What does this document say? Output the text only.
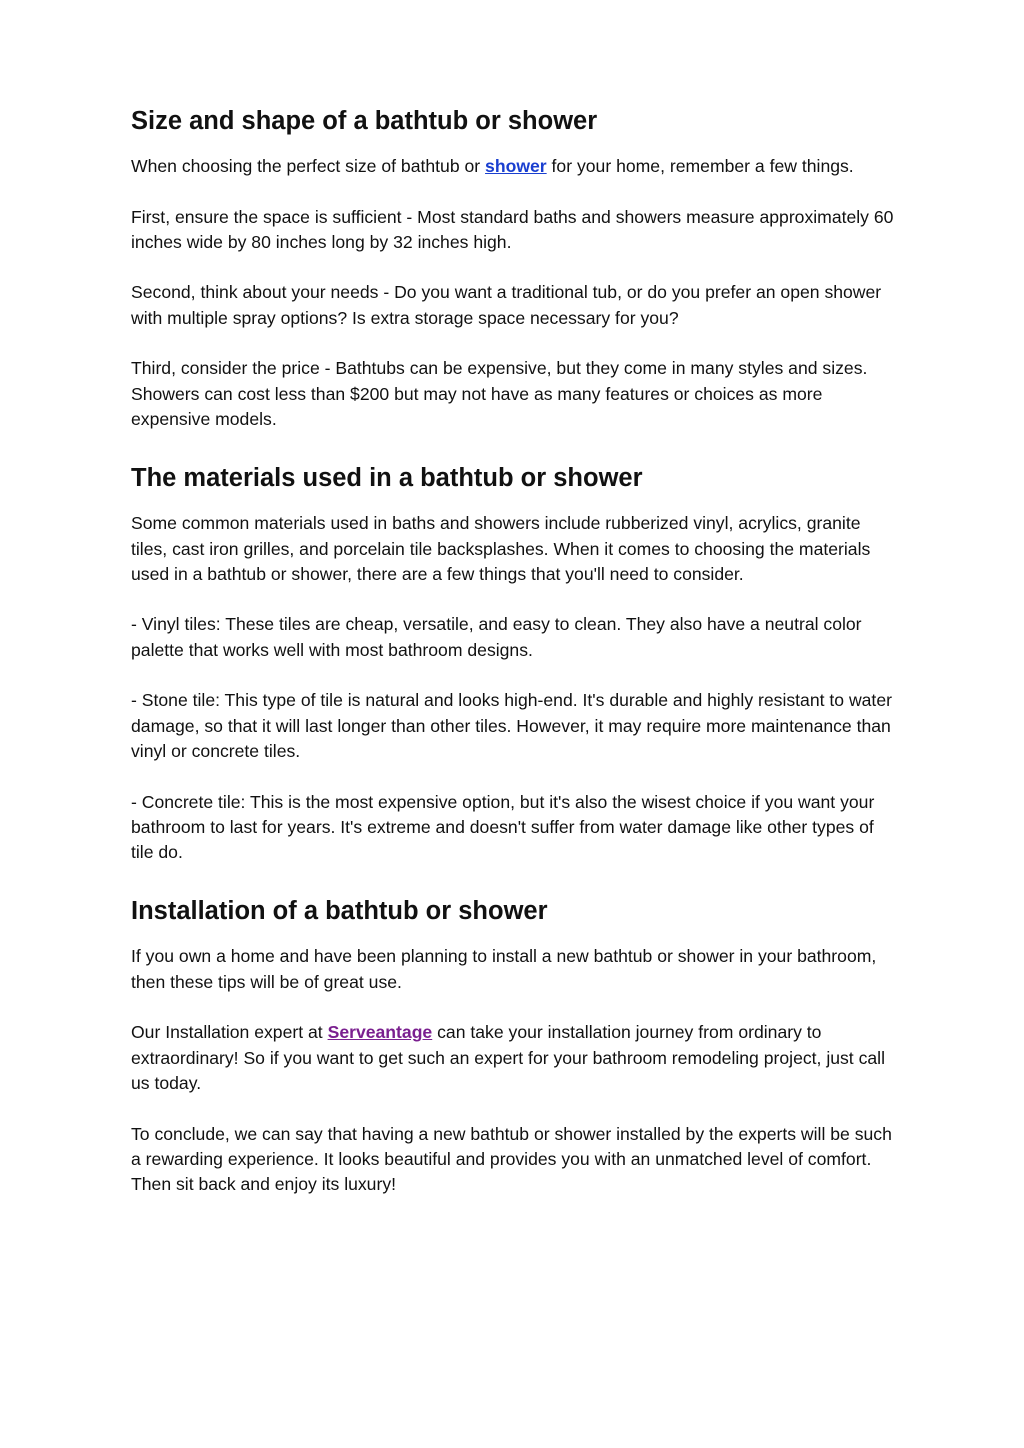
Size and shape of a bathtub or shower

When choosing the perfect size of bathtub or shower for your home, remember a few things.

First, ensure the space is sufficient - Most standard baths and showers measure approximately 60 inches wide by 80 inches long by 32 inches high.

Second, think about your needs - Do you want a traditional tub, or do you prefer an open shower with multiple spray options? Is extra storage space necessary for you?

Third, consider the price - Bathtubs can be expensive, but they come in many styles and sizes. Showers can cost less than $200 but may not have as many features or choices as more expensive models.

The materials used in a bathtub or shower

Some common materials used in baths and showers include rubberized vinyl, acrylics, granite tiles, cast iron grilles, and porcelain tile backsplashes. When it comes to choosing the materials used in a bathtub or shower, there are a few things that you'll need to consider.

- Vinyl tiles: These tiles are cheap, versatile, and easy to clean. They also have a neutral color palette that works well with most bathroom designs.

- Stone tile: This type of tile is natural and looks high-end. It's durable and highly resistant to water damage, so that it will last longer than other tiles. However, it may require more maintenance than vinyl or concrete tiles.

- Concrete tile: This is the most expensive option, but it's also the wisest choice if you want your bathroom to last for years. It's extreme and doesn't suffer from water damage like other types of tile do.

Installation of a bathtub or shower

If you own a home and have been planning to install a new bathtub or shower in your bathroom, then these tips will be of great use.

Our Installation expert at Serveantage can take your installation journey from ordinary to extraordinary! So if you want to get such an expert for your bathroom remodeling project, just call us today.

To conclude, we can say that having a new bathtub or shower installed by the experts will be such a rewarding experience. It looks beautiful and provides you with an unmatched level of comfort. Then sit back and enjoy its luxury!
